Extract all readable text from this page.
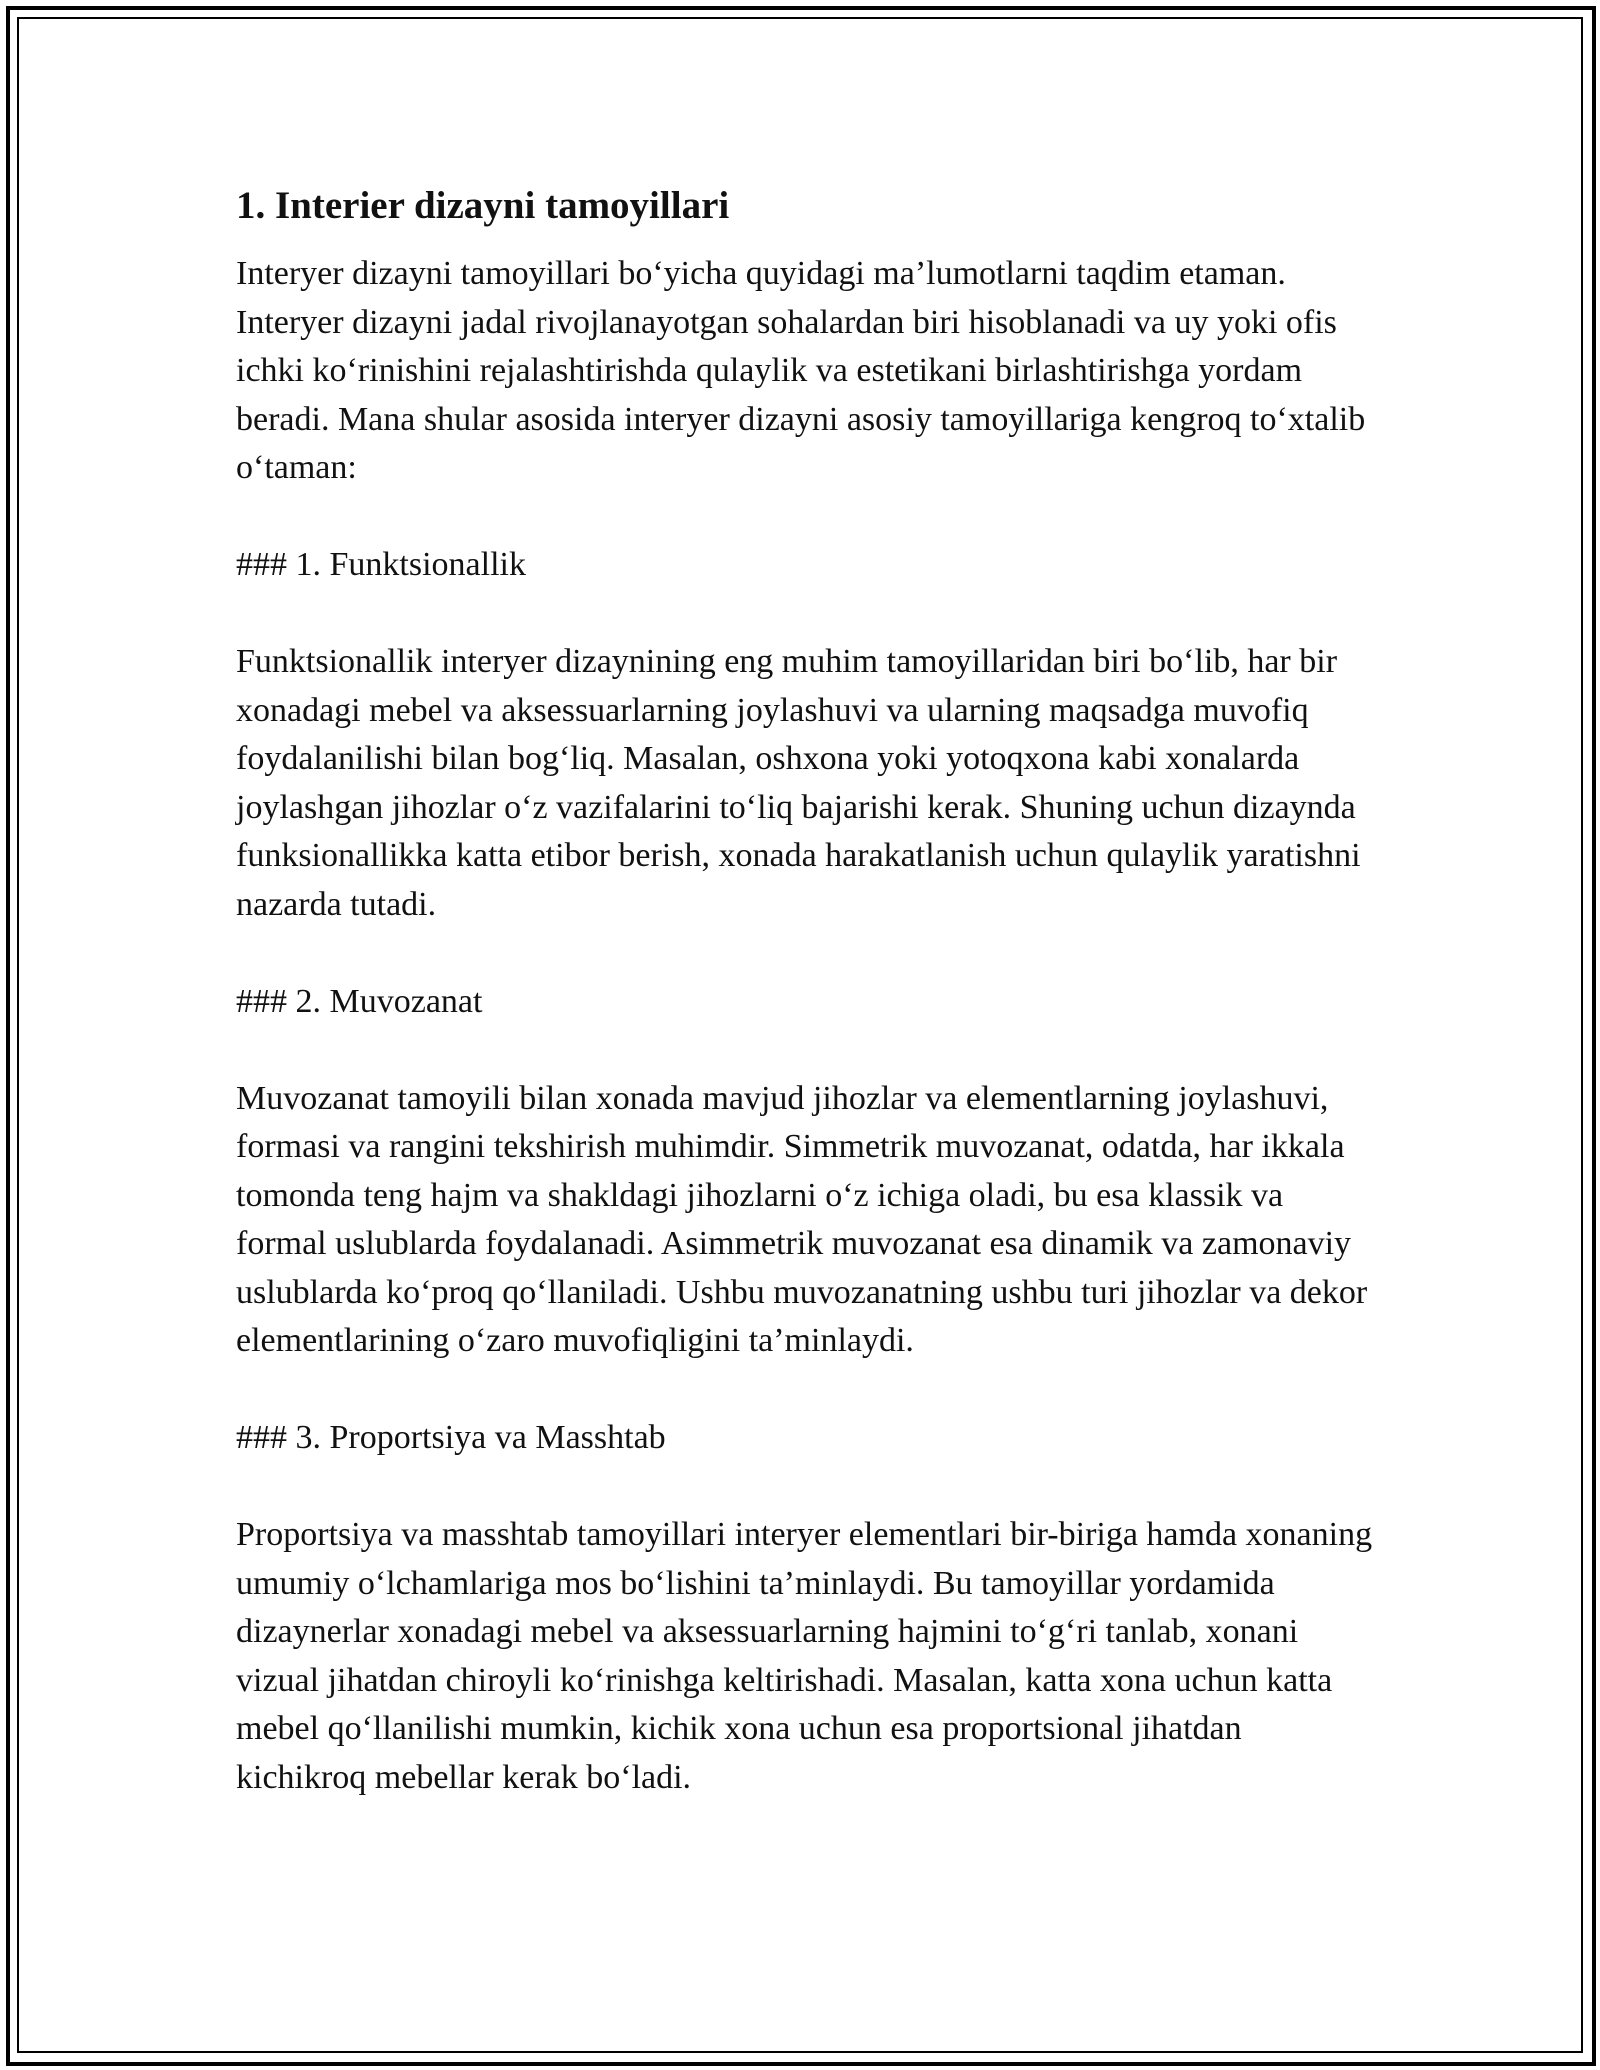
1. Interier dizayni tamoyillari

Interyer dizayni tamoyillari bo‘yicha quyidagi ma’lumotlarni taqdim etaman. Interyer dizayni jadal rivojlanayotgan sohalardan biri hisoblanadi va uy yoki ofis ichki ko‘rinishini rejalashtirishda qulaylik va estetikani birlashtirishga yordam beradi. Mana shular asosida interyer dizayni asosiy tamoyillariga kengroq to‘xtalib o‘taman:

### 1. Funktsionallik

Funktsionallik interyer dizaynining eng muhim tamoyillaridan biri bo‘lib, har bir xonadagi mebel va aksessuarlarning joylashuvi va ularning maqsadga muvofiq foydalanilishi bilan bog‘liq. Masalan, oshxona yoki yotoqxona kabi xonalarda joylashgan jihozlar o‘z vazifalarini to‘liq bajarishi kerak. Shuning uchun dizaynda funksionallikka katta etibor berish, xonada harakatlanish uchun qulaylik yaratishni nazarda tutadi.

### 2. Muvozanat

Muvozanat tamoyili bilan xonada mavjud jihozlar va elementlarning joylashuvi, formasi va rangini tekshirish muhimdir. Simmetrik muvozanat, odatda, har ikkala tomonda teng hajm va shakldagi jihozlarni o‘z ichiga oladi, bu esa klassik va formal uslublarda foydalanadi. Asimmetrik muvozanat esa dinamik va zamonaviy uslublarda ko‘proq qo‘llaniladi. Ushbu muvozanatning ushbu turi jihozlar va dekor elementlarining o‘zaro muvofiqligini ta’minlaydi.

### 3. Proportsiya va Masshtab

Proportsiya va masshtab tamoyillari interyer elementlari bir-biriga hamda xonaning umumiy o‘lchamlariga mos bo‘lishini ta’minlaydi. Bu tamoyillar yordamida dizaynerlar xonadagi mebel va aksessuarlarning hajmini to‘g‘ri tanlab, xonani vizual jihatdan chiroyli ko‘rinishga keltirishadi. Masalan, katta xona uchun katta mebel qo‘llanilishi mumkin, kichik xona uchun esa proportsional jihatdan kichikroq mebellar kerak bo‘ladi.
